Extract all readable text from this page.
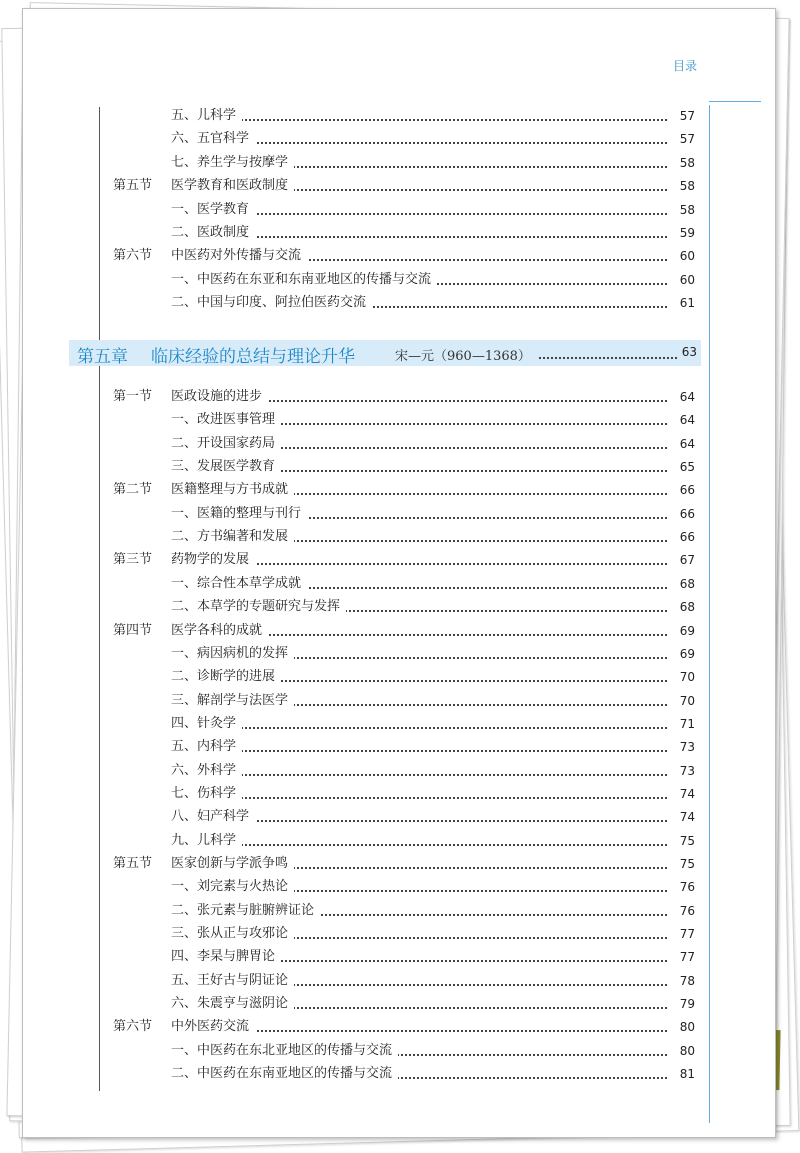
目录
五、儿科学	57
六、五官科学	57
七、养生学与按摩学	58
第五节 医学教育和医政制度	58
一、医学教育	58
二、医政制度	59
第六节 中医药对外传播与交流	60
一、中医药在东亚和东南亚地区的传播与交流	60
二、中国与印度、阿拉伯医药交流	61
第五章 临床经验的总结与理论升华	宋—元（960—1368）	63
第一节 医政设施的进步	64
一、改进医事管理	64
二、开设国家药局	64
三、发展医学教育	65
第二节 医籍整理与方书成就	66
一、医籍的整理与刊行	66
二、方书编著和发展	66
第三节 药物学的发展	67
一、综合性本草学成就	68
二、本草学的专题研究与发挥	68
第四节 医学各科的成就	69
一、病因病机的发挥	69
二、诊断学的进展	70
三、解剖学与法医学	70
四、针灸学	71
五、内科学	73
六、外科学	73
七、伤科学	74
八、妇产科学	74
九、儿科学	75
第五节 医家创新与学派争鸣	75
一、刘完素与火热论	76
二、张元素与脏腑辨证论	76
三、张从正与攻邪论	77
四、李杲与脾胃论	77
五、王好古与阴证论	78
六、朱震亨与滋阴论	79
第六节 中外医药交流	80
一、中医药在东北亚地区的传播与交流	80
二、中医药在东南亚地区的传播与交流	81
